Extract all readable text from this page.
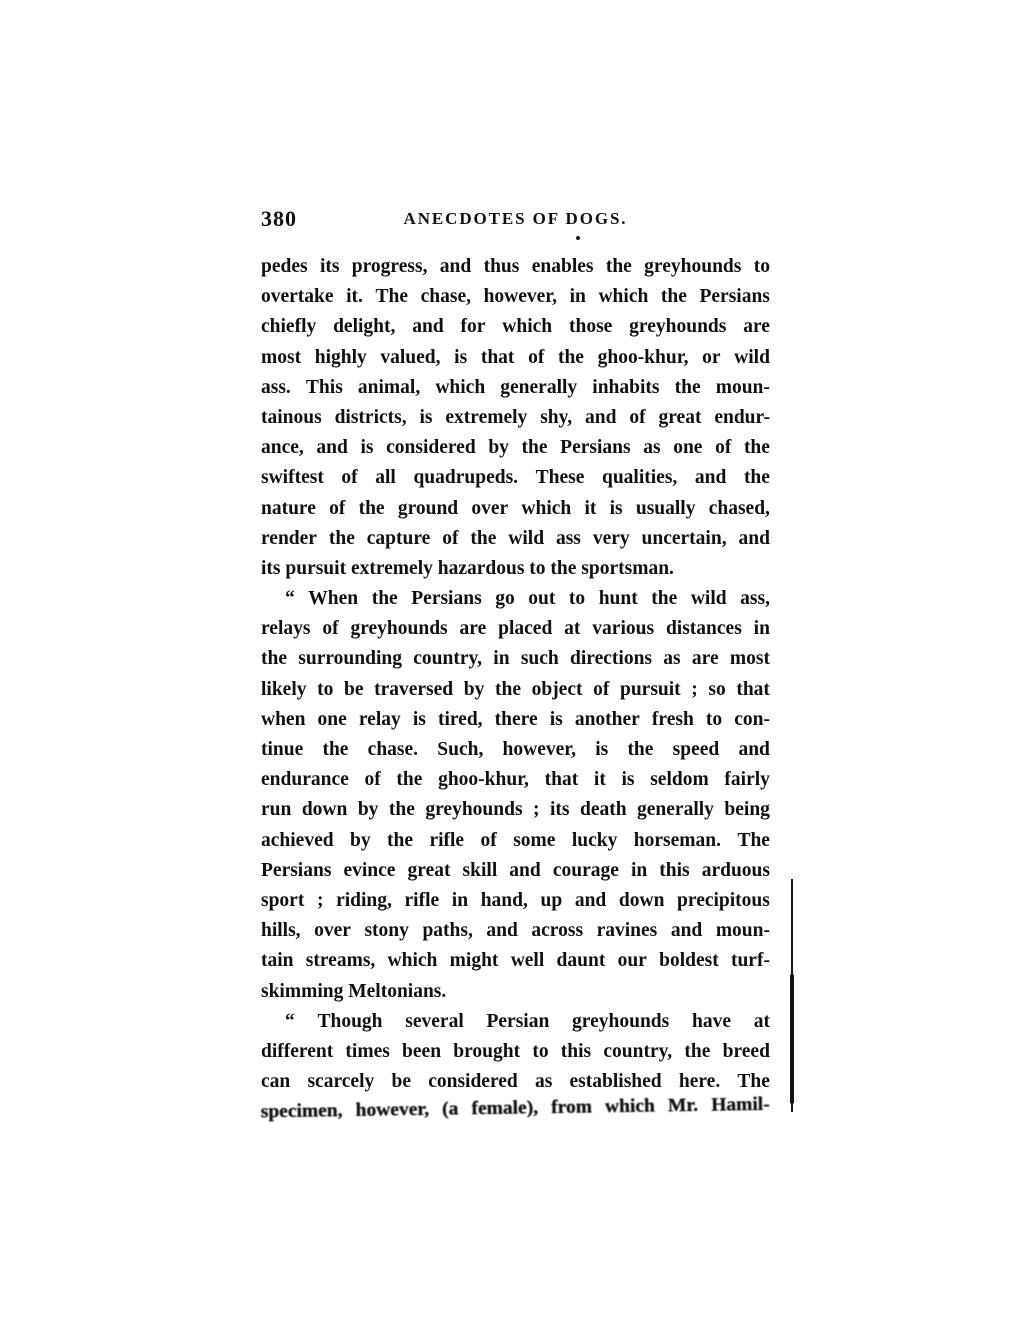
380	ANECDOTES OF DOGS.
pedes its progress, and thus enables the greyhounds to
overtake it. The chase, however, in which the Persians
chiefly delight, and for which those greyhounds are
most highly valued, is that of the ghoo-khur, or wild
ass. This animal, which generally inhabits the moun-
tainous districts, is extremely shy, and of great endur-
ance, and is considered by the Persians as one of the
swiftest of all quadrupeds. These qualities, and the
nature of the ground over which it is usually chased,
render the capture of the wild ass very uncertain, and
its pursuit extremely hazardous to the sportsman.
“ When the Persians go out to hunt the wild ass,
relays of greyhounds are placed at various distances in
the surrounding country, in such directions as are most
likely to be traversed by the object of pursuit ; so that
when one relay is tired, there is another fresh to con-
tinue the chase. Such, however, is the speed and
endurance of the ghoo-khur, that it is seldom fairly
run down by the greyhounds ; its death generally being
achieved by the rifle of some lucky horseman. The
Persians evince great skill and courage in this arduous
sport ; riding, rifle in hand, up and down precipitous
hills, over stony paths, and across ravines and moun-
tain streams, which might well daunt our boldest turf-
skimming Meltonians.
“ Though several Persian greyhounds have at
different times been brought to this country, the breed
can scarcely be considered as established here. The
specimen, however, (a female), from which Mr. Hamil-
